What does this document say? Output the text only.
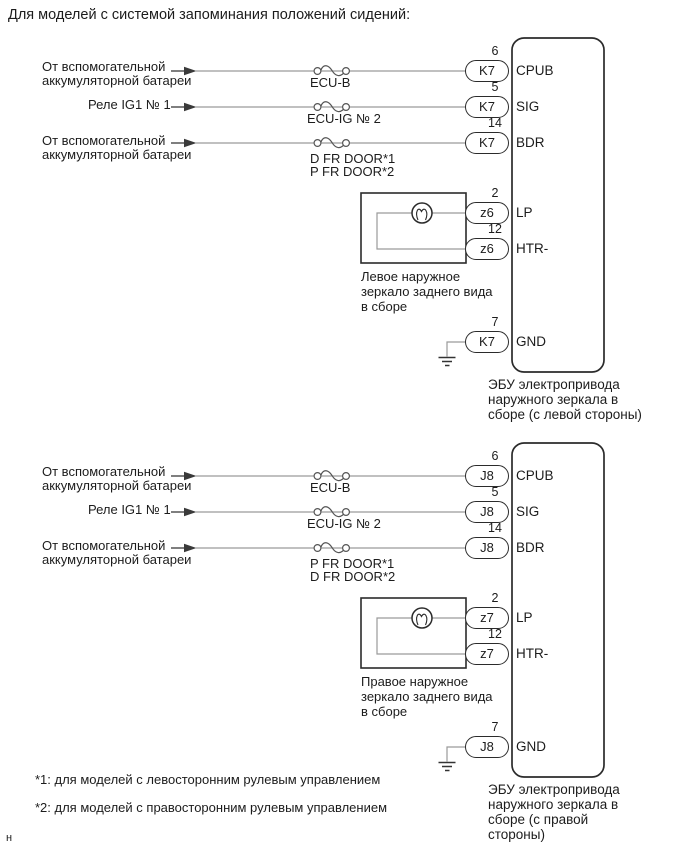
Для моделей с системой запоминания положений сидений:
От вспомогательной
аккумуляторной батареи	ECU-B
6
K7	CPUB
Реле IG1 № 1
ECU-IG № 2
5
K7	SIG
От вспомогательной
аккумуляторной батареи	D FR DOOR*1
P FR DOOR*2
14
K7	BDR
2
z6	LP
12
z6	HTR-
Левое наружное
зеркало заднего вида
в сборе
7
K7	GND
ЭБУ электропривода
наружного зеркала в
сборе (с левой стороны)
От вспомогательной
аккумуляторной батареи	ECU-B
6
J8	CPUB
Реле IG1 № 1
ECU-IG № 2
5
J8	SIG
От вспомогательной
аккумуляторной батареи	P FR DOOR*1
D FR DOOR*2
14
J8	BDR
2
z7	LP
12
z7	HTR-
Правое наружное
зеркало заднего вида
в сборе
7
J8	GND
ЭБУ электропривода
наружного зеркала в
сборе (с правой
стороны)
*1: для моделей с левосторонним рулевым управлением
*2: для моделей с правосторонним рулевым управлением
н
